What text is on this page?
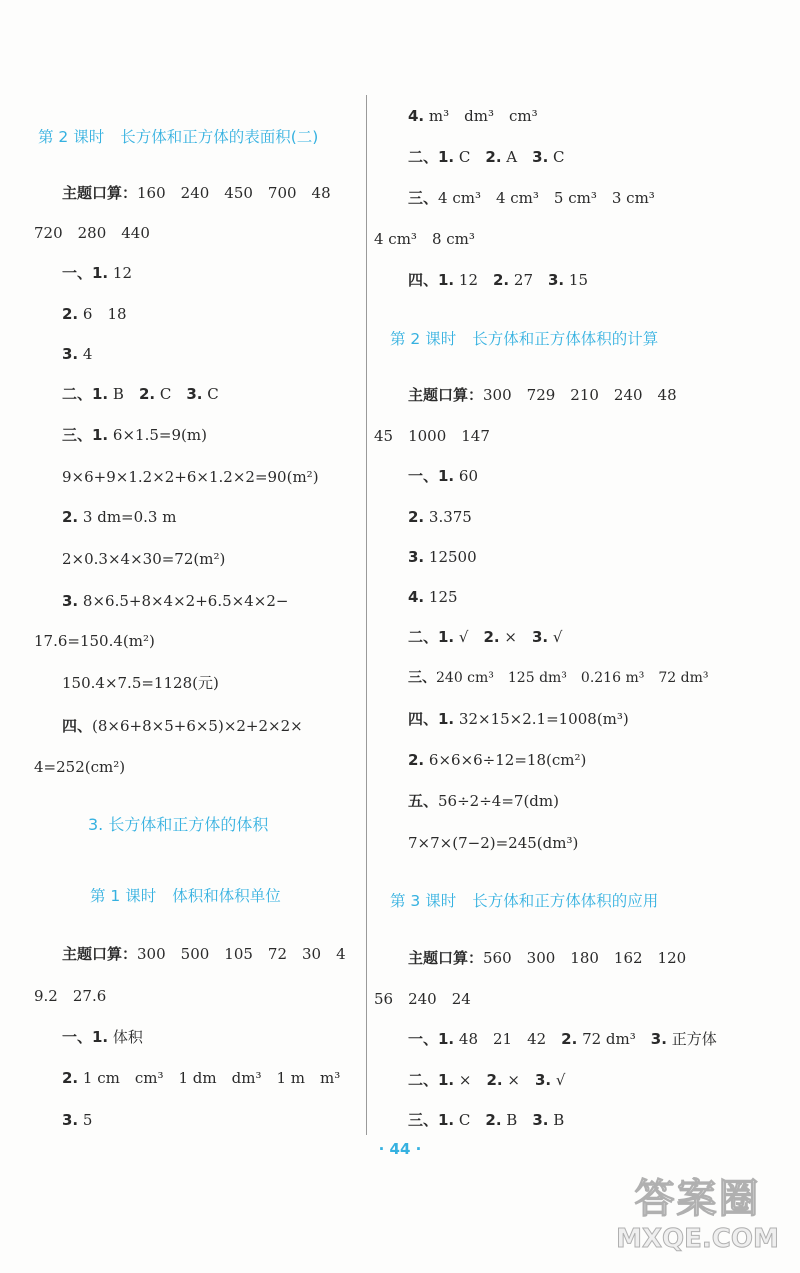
第 2 课时 长方体和正方体的表面积(二)
主题口算：160　240　450　700　48
720　280　440
一、1. 12
2. 6　18
3. 4
二、1. B　2. C　3. C
三、1. 6×1.5=9(m)
9×6+9×1.2×2+6×1.2×2=90(m²)
2. 3 dm=0.3 m
2×0.3×4×30=72(m²)
3. 8×6.5+8×4×2+6.5×4×2−
17.6=150.4(m²)
150.4×7.5=1128(元)
四、(8×6+8×5+6×5)×2+2×2×
4=252(cm²)
3. 长方体和正方体的体积
第 1 课时 体积和体积单位
主题口算：300　500　105　72　30　4
9.2　27.6
一、1. 体积
2. 1 cm　cm³　1 dm　dm³　1 m　m³
3. 5
4. m³　dm³　cm³
二、1. C　2. A　3. C
三、4 cm³　4 cm³　5 cm³　3 cm³
4 cm³　8 cm³
四、1. 12　2. 27　3. 15
第 2 课时 长方体和正方体体积的计算
主题口算：300　729　210　240　48
45　1000　147
一、1. 60
2. 3.375
3. 12500
4. 125
二、1. √　2. ×　3. √
三、240 cm³　125 dm³　0.216 m³　72 dm³
四、1. 32×15×2.1=1008(m³)
2. 6×6×6÷12=18(cm²)
五、56÷2÷4=7(dm)
7×7×(7−2)=245(dm³)
第 3 课时 长方体和正方体体积的应用
主题口算：560　300　180　162　120
56　240　24
一、1. 48　21　42　2. 72 dm³　3. 正方体
二、1. ×　2. ×　3. √
三、1. C　2. B　3. B
· 44 ·
答案圈
MXQE.COM
